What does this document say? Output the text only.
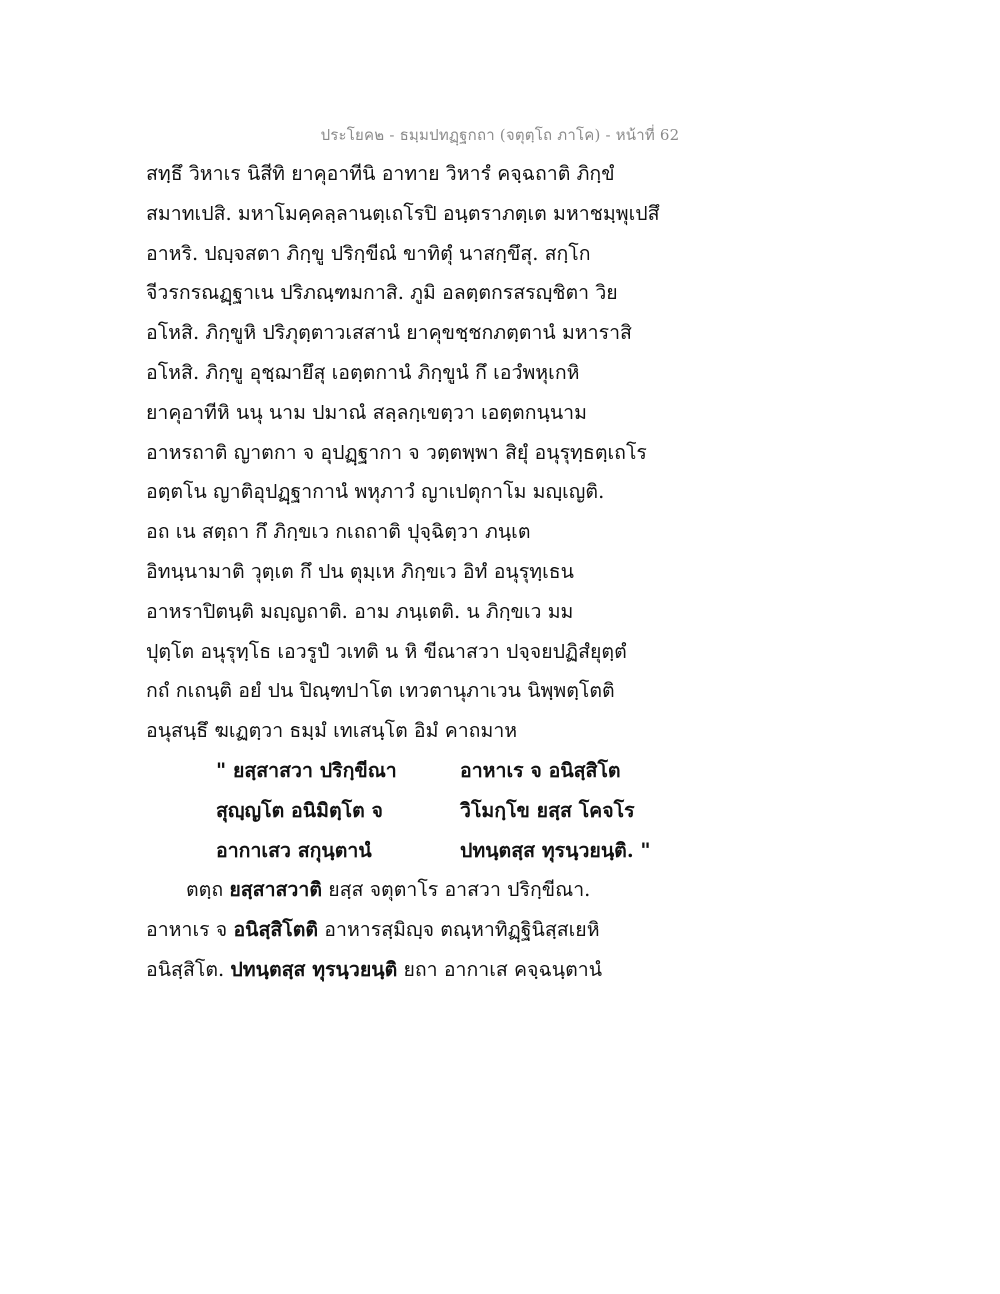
ประโยค๒ - ธมฺมปทฏฺฐกถา (จตุตฺโถ ภาโค) - หน้าที่ 62
สทฺธึ วิหาเร นิสีทิ ยาคุอาทีนิ อาทาย วิหารํ คจฺฉถาติ ภิกฺขํ
สมาทเปสิ. มหาโมคฺคลฺลานตฺเถโรปิ อนฺตราภตฺเต มหาชมฺพุเปสึ
อาหริ. ปญฺจสตา ภิกฺขู ปริกฺขีณํ ขาทิตุํ นาสกฺขึสุ. สกฺโก
จีวรกรณฏฺฐาเน ปริภณฺฑมกาสิ. ภูมิ อลตฺตกรสรญฺชิตา วิย
อโหสิ. ภิกฺขูหิ ปริภุตฺตาวเสสานํ ยาคุขชฺชกภตฺตานํ มหาราสิ
อโหสิ. ภิกฺขู อุชฺฌายึสุ เอตฺตกานํ ภิกฺขูนํ กึ เอวํพหุเกหิ
ยาคุอาทีหิ นนุ นาม ปมาณํ สลฺลกฺเขตฺวา เอตฺตกนฺนาม
อาหรถาติ ญาตกา จ อุปฏฺฐากา จ วตฺตพฺพา สิยุํ อนุรุทฺธตฺเถโร
อตฺตโน ญาติอุปฏฺฐากานํ พหุภาวํ ญาเปตุกาโม มญฺเญติ.
อถ เน สตฺถา กึ ภิกฺขเว กเถถาติ ปุจฺฉิตฺวา ภนฺเต
อิทนฺนามาติ วุตฺเต กึ ปน ตุมฺเห ภิกฺขเว อิทํ อนุรุทฺเธน
อาหราปิตนฺติ มญฺญถาติ. อาม ภนฺเตติ. น ภิกฺขเว มม
ปุตฺโต อนุรุทฺโธ เอวรูปํ วเทติ น หิ ขีณาสวา ปจฺจยปฏิสํยุตฺตํ
กถํ กเถนฺติ อยํ ปน ปิณฺฑปาโต เทวตานุภาเวน นิพฺพตฺโตติ
อนุสนฺธึ ฆเฏตฺวา ธมฺมํ เทเสนฺโต อิมํ คาถมาห
" ยสฺสาสวา ปริกฺขีณา	อาหาเร จ อนิสฺสิโต
สุญฺญโต อนิมิตฺโต จ	วิโมกฺโข ยสฺส โคจโร
อากาเสว สกุนฺตานํ	ปทนฺตสฺส ทุรนฺวยนฺติ. "
ตตฺถ ยสฺสาสวาติ ยสฺส จตุตาโร อาสวา ปริกฺขีณา.
อาหาเร จ อนิสฺสิโตติ อาหารสฺมิญฺจ ตณฺหาทิฏฺฐินิสฺสเยหิ
อนิสฺสิโต. ปทนฺตสฺส ทุรนฺวยนฺติ ยถา อากาเส คจฺฉนฺตานํ
